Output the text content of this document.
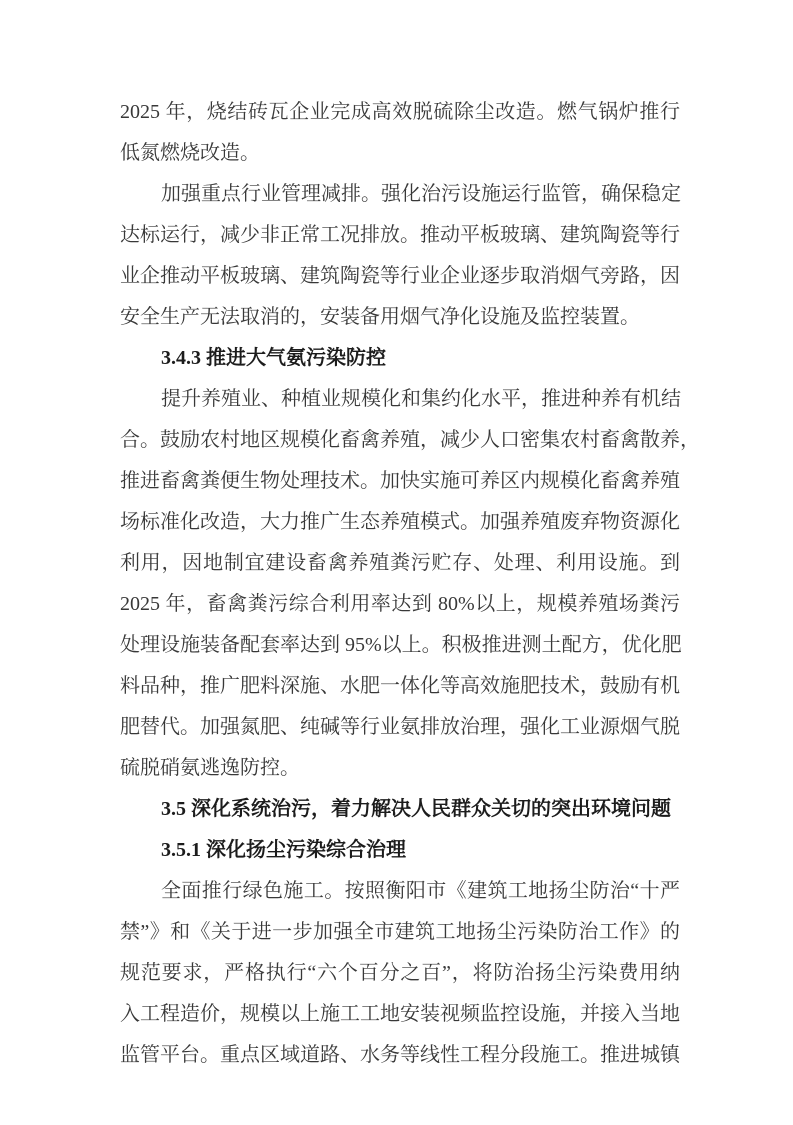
2025 年，烧结砖瓦企业完成高效脱硫除尘改造。燃气锅炉推行
低氮燃烧改造。
加强重点行业管理减排。强化治污设施运行监管，确保稳定
达标运行，减少非正常工况排放。推动平板玻璃、建筑陶瓷等行
业企推动平板玻璃、建筑陶瓷等行业企业逐步取消烟气旁路，因
安全生产无法取消的，安装备用烟气净化设施及监控装置。
3.4.3 推进大气氨污染防控
提升养殖业、种植业规模化和集约化水平，推进种养有机结
合。鼓励农村地区规模化畜禽养殖，减少人口密集农村畜禽散养，
推进畜禽粪便生物处理技术。加快实施可养区内规模化畜禽养殖
场标准化改造，大力推广生态养殖模式。加强养殖废弃物资源化
利用，因地制宜建设畜禽养殖粪污贮存、处理、利用设施。到
2025 年，畜禽粪污综合利用率达到 80%以上，规模养殖场粪污
处理设施装备配套率达到 95%以上。积极推进测土配方，优化肥
料品种，推广肥料深施、水肥一体化等高效施肥技术，鼓励有机
肥替代。加强氮肥、纯碱等行业氨排放治理，强化工业源烟气脱
硫脱硝氨逃逸防控。
3.5 深化系统治污，着力解决人民群众关切的突出环境问题
3.5.1 深化扬尘污染综合治理
全面推行绿色施工。按照衡阳市《建筑工地扬尘防治“十严
禁”》和《关于进一步加强全市建筑工地扬尘污染防治工作》的
规范要求，严格执行“六个百分之百”，将防治扬尘污染费用纳
入工程造价，规模以上施工工地安装视频监控设施，并接入当地
监管平台。重点区域道路、水务等线性工程分段施工。推进城镇
